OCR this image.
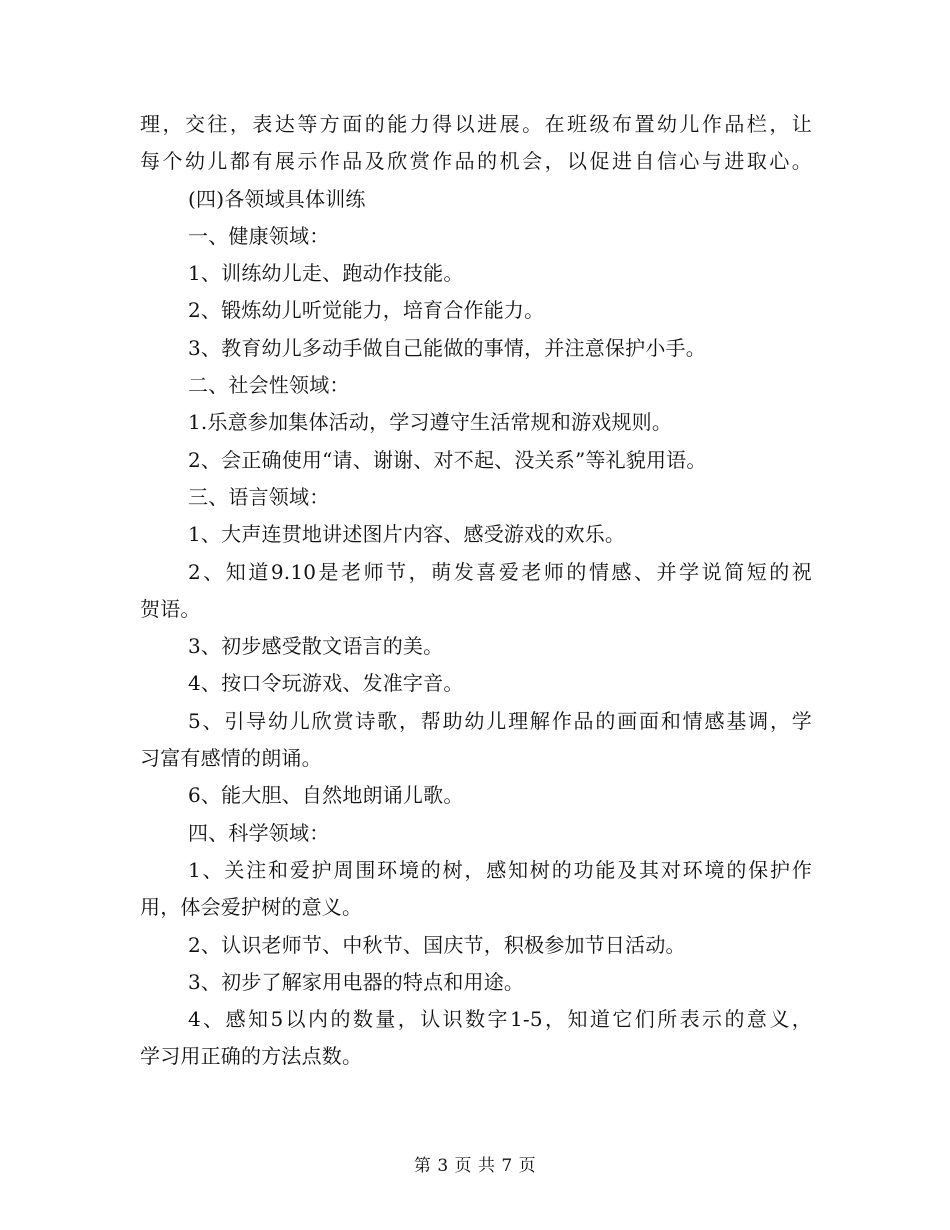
理，交往，表达等方面的能力得以进展。在班级布置幼儿作品栏，让
每个幼儿都有展示作品及欣赏作品的机会，以促进自信心与进取心。
(四)各领域具体训练
一、健康领域：
1、训练幼儿走、跑动作技能。
2、锻炼幼儿听觉能力，培育合作能力。
3、教育幼儿多动手做自己能做的事情，并注意保护小手。
二、社会性领域：
1.乐意参加集体活动，学习遵守生活常规和游戏规则。
2、会正确使用“请、谢谢、对不起、没关系”等礼貌用语。
三、语言领域：
1、大声连贯地讲述图片内容、感受游戏的欢乐。
2、知道9.10是老师节，萌发喜爱老师的情感、并学说简短的祝
贺语。
3、初步感受散文语言的美。
4、按口令玩游戏、发准字音。
5、引导幼儿欣赏诗歌，帮助幼儿理解作品的画面和情感基调，学
习富有感情的朗诵。
6、能大胆、自然地朗诵儿歌。
四、科学领域：
1、关注和爱护周围环境的树，感知树的功能及其对环境的保护作
用，体会爱护树的意义。
2、认识老师节、中秋节、国庆节，积极参加节日活动。
3、初步了解家用电器的特点和用途。
4、感知5以内的数量，认识数字1-5，知道它们所表示的意义，
学习用正确的方法点数。
第 3 页 共 7 页
